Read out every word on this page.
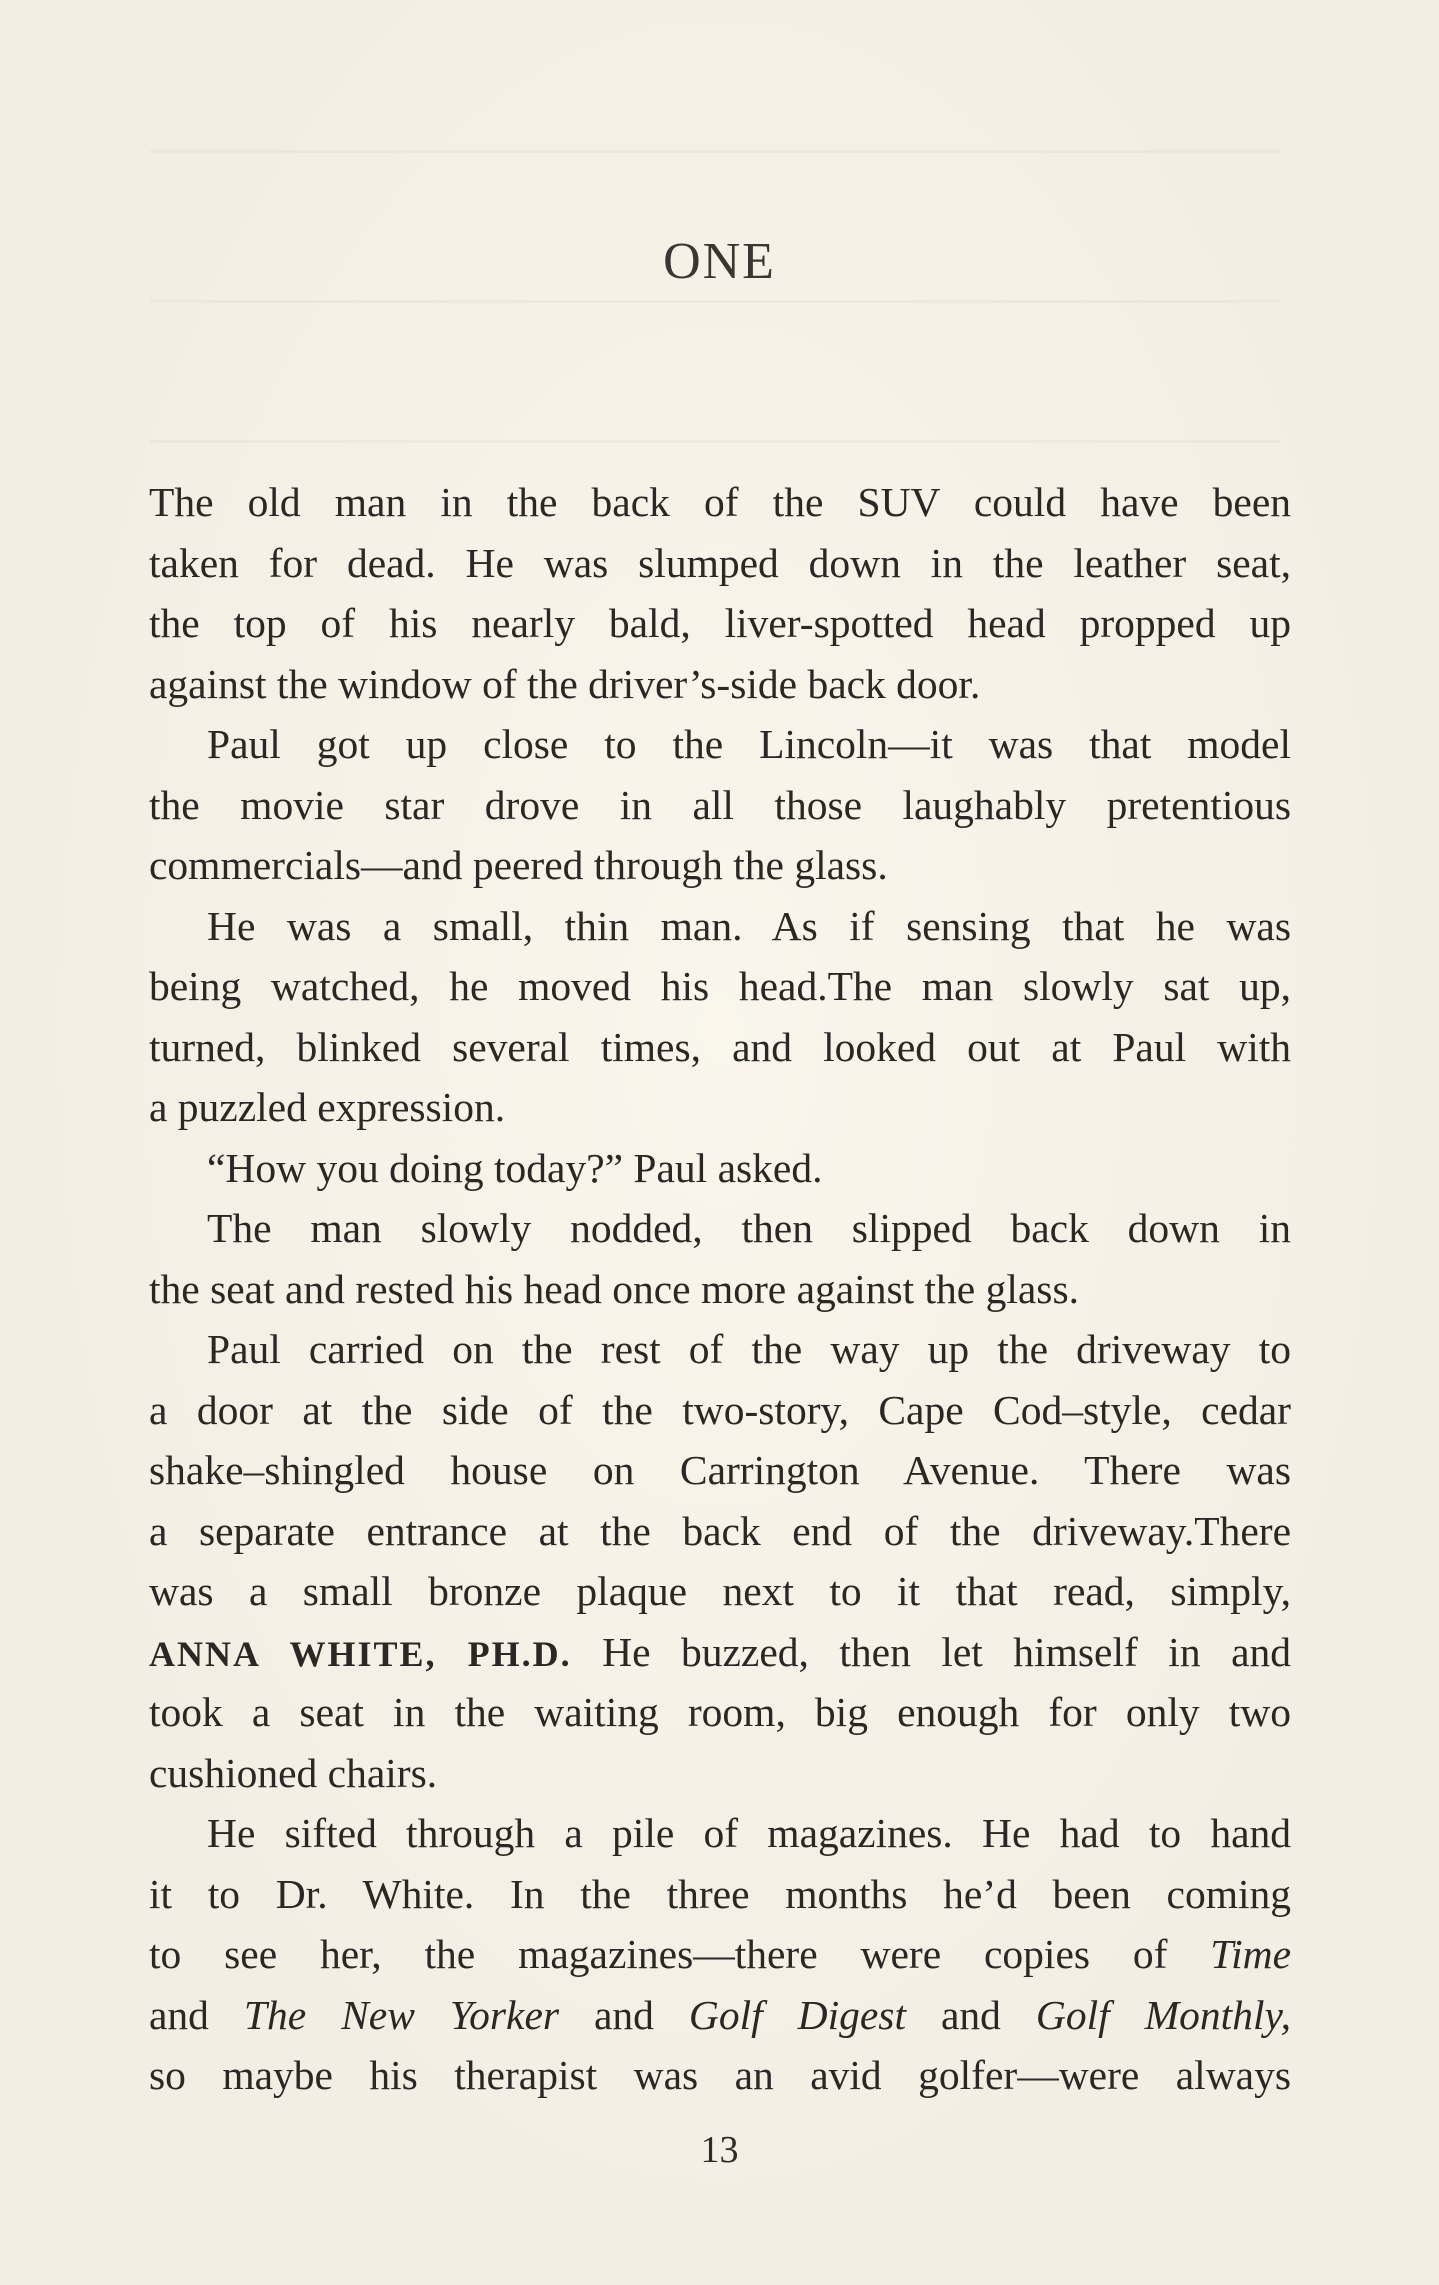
ONE
The old man in the back of the SUV could have been
taken for dead. He was slumped down in the leather seat,
the top of his nearly bald, liver-spotted head propped up
against the window of the driver’s-side back door.
Paul got up close to the Lincoln—it was that model
the movie star drove in all those laughably pretentious
commercials—and peered through the glass.
He was a small, thin man. As if sensing that he was
being watched, he moved his head.The man slowly sat up,
turned, blinked several times, and looked out at Paul with
a puzzled expression.
“How you doing today?” Paul asked.
The man slowly nodded, then slipped back down in
the seat and rested his head once more against the glass.
Paul carried on the rest of the way up the driveway to
a door at the side of the two-story, Cape Cod–style, cedar
shake–shingled house on Carrington Avenue. There was
a separate entrance at the back end of the driveway.There
was a small bronze plaque next to it that read, simply,
ANNA WHITE, PH.D. He buzzed, then let himself in and
took a seat in the waiting room, big enough for only two
cushioned chairs.
He sifted through a pile of magazines. He had to hand
it to Dr. White. In the three months he’d been coming
to see her, the magazines—there were copies of Time
and The New Yorker and Golf Digest and Golf Monthly,
so maybe his therapist was an avid golfer—were always
13
